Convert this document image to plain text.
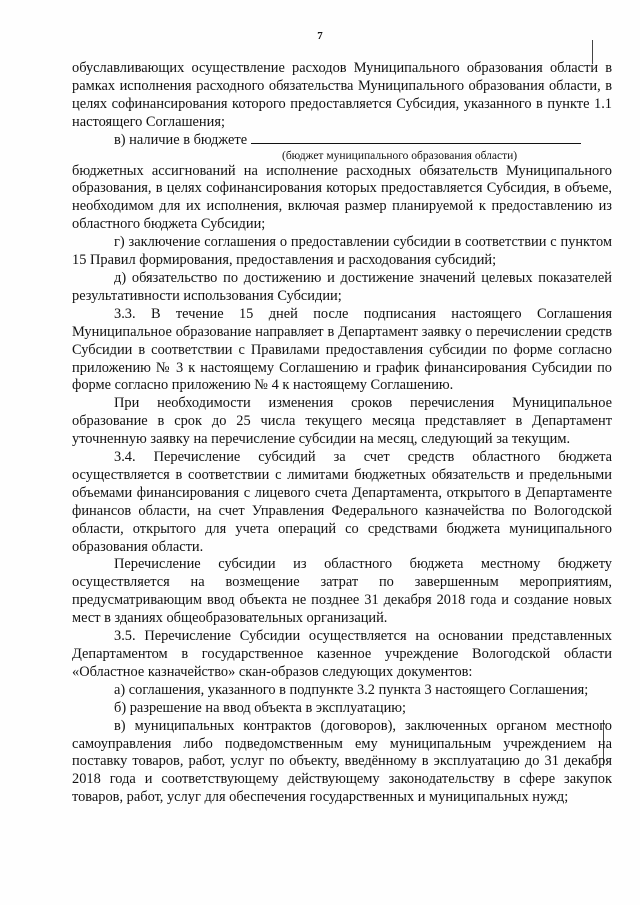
7

обуславливающих осуществление расходов Муниципального образования области в рамках исполнения расходного обязательства Муниципального образования области, в целях софинансирования которого предоставляется Субсидия, указанного в пункте 1.1 настоящего Соглашения;

в) наличие в бюджете

(бюджет муниципального образования области)

бюджетных ассигнований на исполнение расходных обязательств Муниципального образования, в целях софинансирования которых предоставляется Субсидия, в объеме, необходимом для их исполнения, включая размер планируемой к предоставлению из областного бюджета Субсидии;

г) заключение соглашения о предоставлении субсидии в соответствии с пунктом 15 Правил формирования, предоставления и расходования субсидий;

д) обязательство по достижению и достижение значений целевых показателей результативности использования Субсидии;

3.3. В течение 15 дней после подписания настоящего Соглашения Муниципальное образование направляет в Департамент заявку о перечислении средств Субсидии в соответствии с Правилами предоставления субсидии по форме согласно приложению № 3 к настоящему Соглашению и график финансирования Субсидии по форме согласно приложению № 4 к настоящему Соглашению.

При необходимости изменения сроков перечисления Муниципальное образование в срок до 25 числа текущего месяца представляет в Департамент уточненную заявку на перечисление субсидии на месяц, следующий за текущим.

3.4. Перечисление субсидий за счет средств областного бюджета осуществляется в соответствии с лимитами бюджетных обязательств и предельными объемами финансирования с лицевого счета Департамента, открытого в Департаменте финансов области, на счет Управления Федерального казначейства по Вологодской области, открытого для учета операций со средствами бюджета муниципального образования области.

Перечисление субсидии из областного бюджета местному бюджету осуществляется на возмещение затрат по завершенным мероприятиям, предусматривающим ввод объекта не позднее 31 декабря 2018 года и создание новых мест в зданиях общеобразовательных организаций.

3.5. Перечисление Субсидии осуществляется на основании представленных Департаментом в государственное казенное учреждение Вологодской области «Областное казначейство» скан-образов следующих документов:

а) соглашения, указанного в подпункте 3.2 пункта 3 настоящего Соглашения;

б) разрешение на ввод объекта в эксплуатацию;

в) муниципальных контрактов (договоров), заключенных органом местного самоуправления либо подведомственным ему муниципальным учреждением на поставку товаров, работ, услуг по объекту, введённому в эксплуатацию до 31 декабря 2018 года и соответствующему действующему законодательству в сфере закупок товаров, работ, услуг для обеспечения государственных и муниципальных нужд;
